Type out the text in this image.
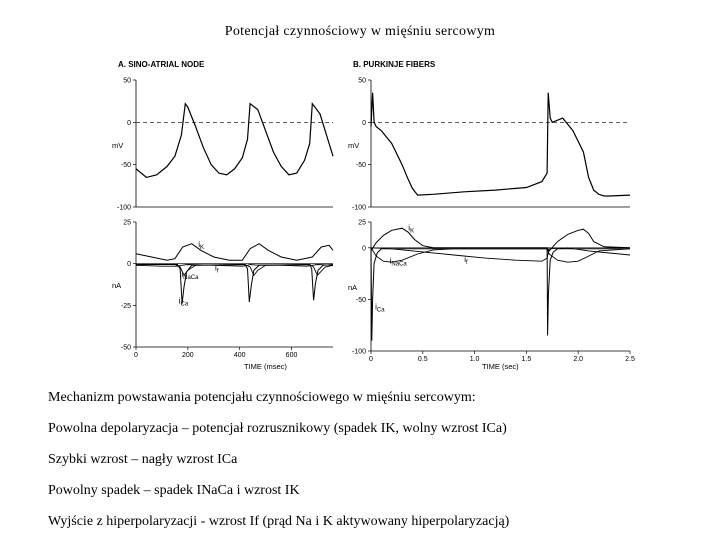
Potencjał czynnościowy w mięśniu sercowym
A. SINO-ATRIAL NODE
mV
50
0
-50
-100
nA
25
0
-25
-50
$i_K$
$i_{NaCa}$
$i_f$
$i_{Ca}$
0	200	400	600
TIME (msec)
B. PURKINJE FIBERS
mV
50
0
-50
-100
nA
25
0
-50
-100
$i_K$
$i_{NaCa}$
$i_f$
$i_{Ca}$
0	0.5	1.0	1.5	2.0	2.5
TIME (sec)
Mechanizm powstawania potencjału czynnościowego w mięśniu sercowym:
Powolna depolaryzacja – potencjał rozrusznikowy (spadek IK, wolny wzrost ICa)
Szybki wzrost – nagły wzrost ICa
Powolny spadek – spadek INaCa i wzrost IK
Wyjście z hiperpolaryzacji - wzrost If (prąd Na i K aktywowany hiperpolaryzacją)
